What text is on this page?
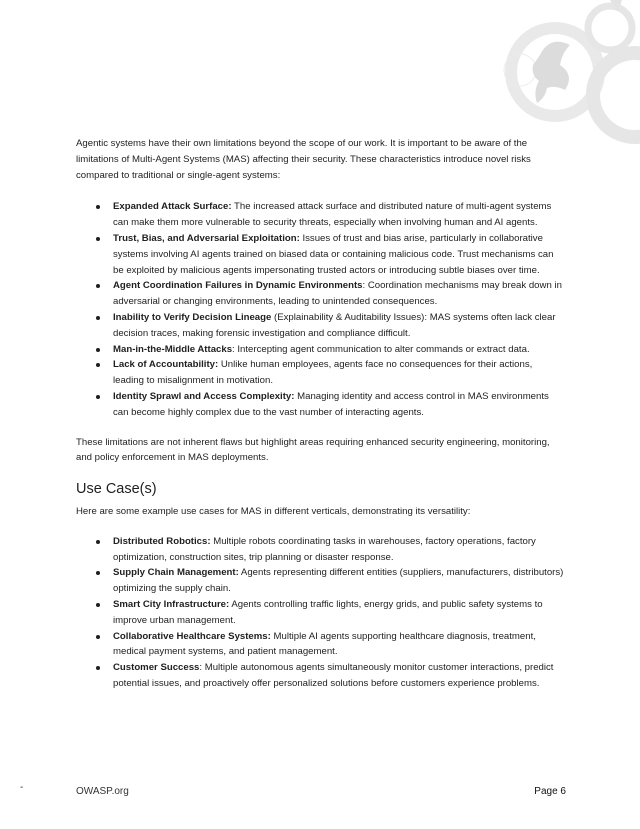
Agentic systems have their own limitations beyond the scope of our work. It is important to be aware of the limitations of Multi-Agent Systems (MAS) affecting their security. These characteristics introduce novel risks compared to traditional or single-agent systems:

Expanded Attack Surface: The increased attack surface and distributed nature of multi-agent systems can make them more vulnerable to security threats, especially when involving human and AI agents.
Trust, Bias, and Adversarial Exploitation: Issues of trust and bias arise, particularly in collaborative systems involving AI agents trained on biased data or containing malicious code. Trust mechanisms can be exploited by malicious agents impersonating trusted actors or introducing subtle biases over time.
Agent Coordination Failures in Dynamic Environments: Coordination mechanisms may break down in adversarial or changing environments, leading to unintended consequences.
Inability to Verify Decision Lineage (Explainability & Auditability Issues): MAS systems often lack clear decision traces, making forensic investigation and compliance difficult.
Man-in-the-Middle Attacks: Intercepting agent communication to alter commands or extract data.
Lack of Accountability: Unlike human employees, agents face no consequences for their actions, leading to misalignment in motivation.
Identity Sprawl and Access Complexity: Managing identity and access control in MAS environments can become highly complex due to the vast number of interacting agents.

These limitations are not inherent flaws but highlight areas requiring enhanced security engineering, monitoring, and policy enforcement in MAS deployments.

Use Case(s)

Here are some example use cases for MAS in different verticals, demonstrating its versatility:

Distributed Robotics: Multiple robots coordinating tasks in warehouses, factory operations, factory optimization, construction sites, trip planning or disaster response.
Supply Chain Management: Agents representing different entities (suppliers, manufacturers, distributors) optimizing the supply chain.
Smart City Infrastructure: Agents controlling traffic lights, energy grids, and public safety systems to improve urban management.
Collaborative Healthcare Systems: Multiple AI agents supporting healthcare diagnosis, treatment, medical payment systems, and patient management.
Customer Success: Multiple autonomous agents simultaneously monitor customer interactions, predict potential issues, and proactively offer personalized solutions before customers experience problems.
-	OWASP.org	Page 6
